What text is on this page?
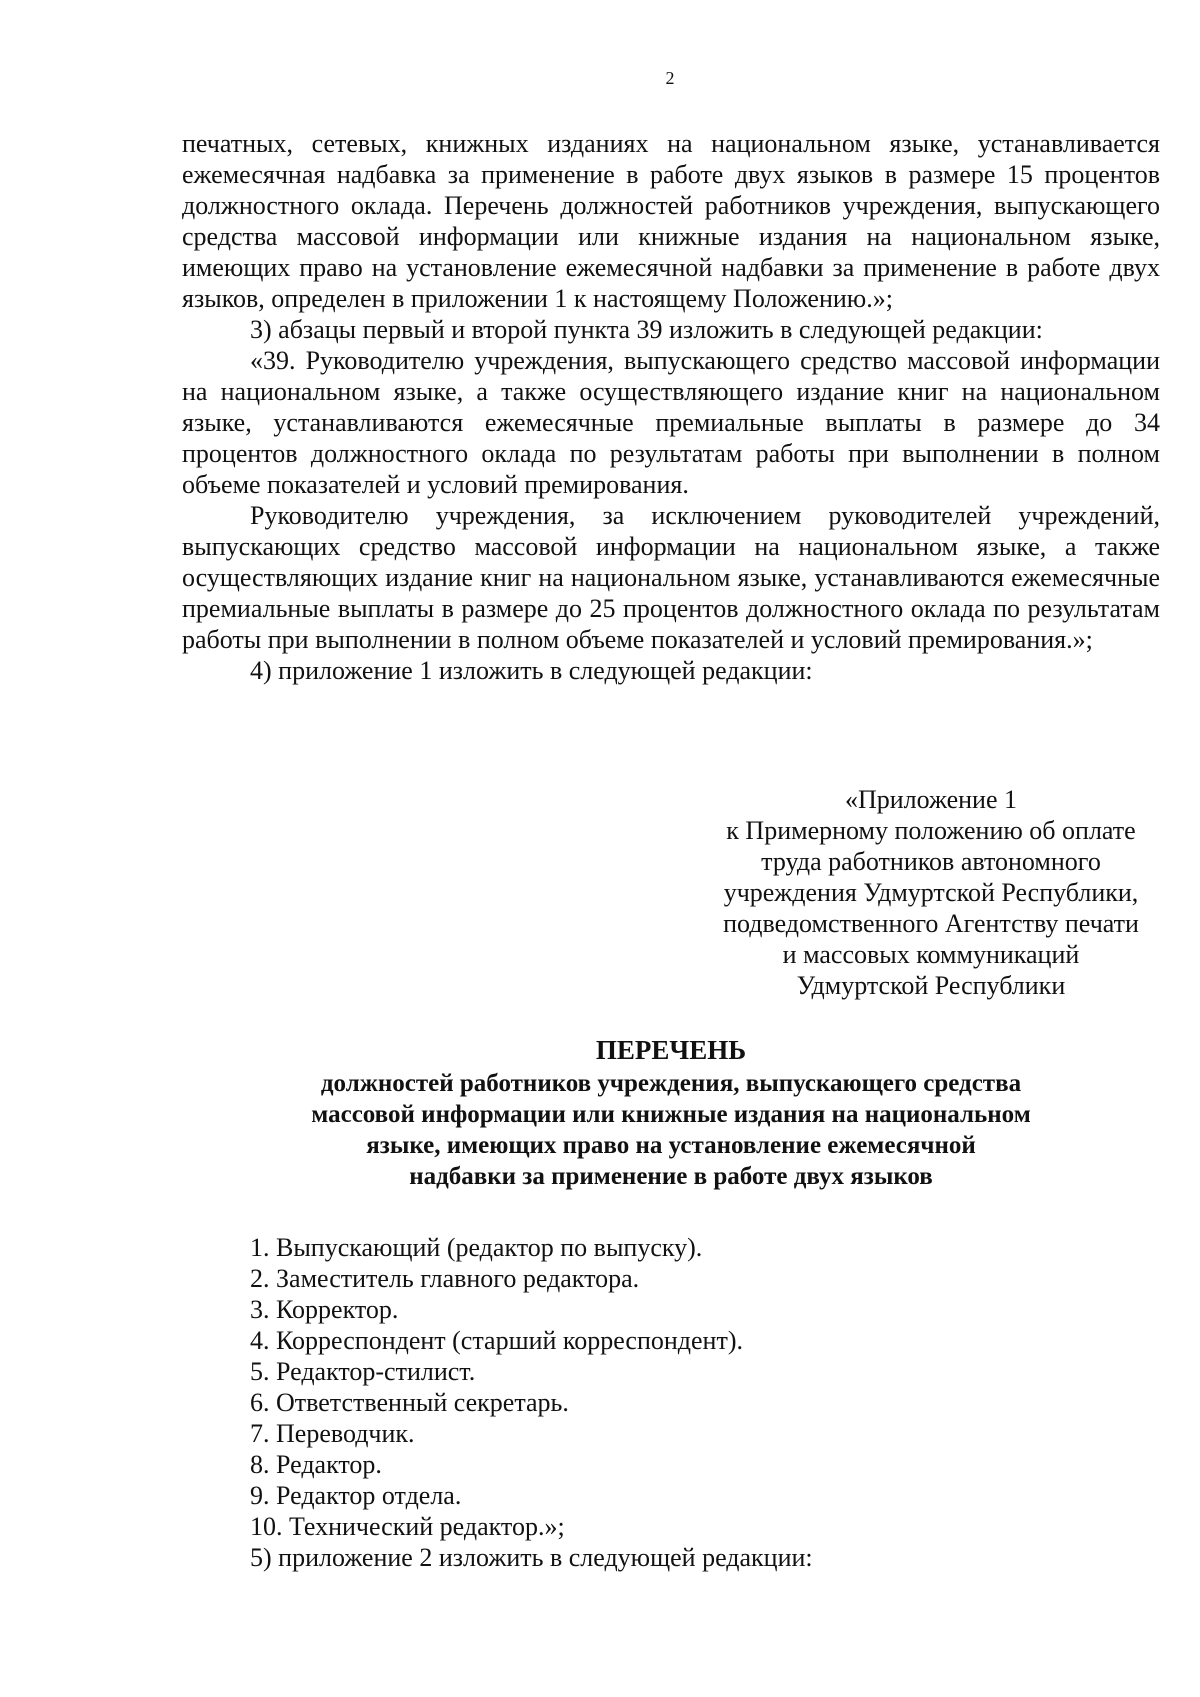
2

печатных, сетевых, книжных изданиях на национальном языке, устанавливается ежемесячная надбавка за применение в работе двух языков в размере 15 процентов должностного оклада. Перечень должностей работников учреждения, выпускающего средства массовой информации или книжные издания на национальном языке, имеющих право на установление ежемесячной надбавки за применение в работе двух языков, определен в приложении 1 к настоящему Положению.»;

3) абзацы первый и второй пункта 39 изложить в следующей редакции:

«39. Руководителю учреждения, выпускающего средство массовой информации на национальном языке, а также осуществляющего издание книг на национальном языке, устанавливаются ежемесячные премиальные выплаты в размере до 34 процентов должностного оклада по результатам работы при выполнении в полном объеме показателей и условий премирования.

Руководителю учреждения, за исключением руководителей учреждений, выпускающих средство массовой информации на национальном языке, а также осуществляющих издание книг на национальном языке, устанавливаются ежемесячные премиальные выплаты в размере до 25 процентов должностного оклада по результатам работы при выполнении в полном объеме показателей и условий премирования.»;

4) приложение 1 изложить в следующей редакции:

«Приложение 1
к Примерному положению об оплате
труда работников автономного
учреждения Удмуртской Республики,
подведомственного Агентству печати
и массовых коммуникаций
Удмуртской Республики
ПЕРЕЧЕНЬ
должностей работников учреждения, выпускающего средства
массовой информации или книжные издания на национальном
языке, имеющих право на установление ежемесячной
надбавки за применение в работе двух языков
1. Выпускающий (редактор по выпуску).
2. Заместитель главного редактора.
3. Корректор.
4. Корреспондент (старший корреспондент).
5. Редактор-стилист.
6. Ответственный секретарь.
7. Переводчик.
8. Редактор.
9. Редактор отдела.
10. Технический редактор.»;
5) приложение 2 изложить в следующей редакции:
